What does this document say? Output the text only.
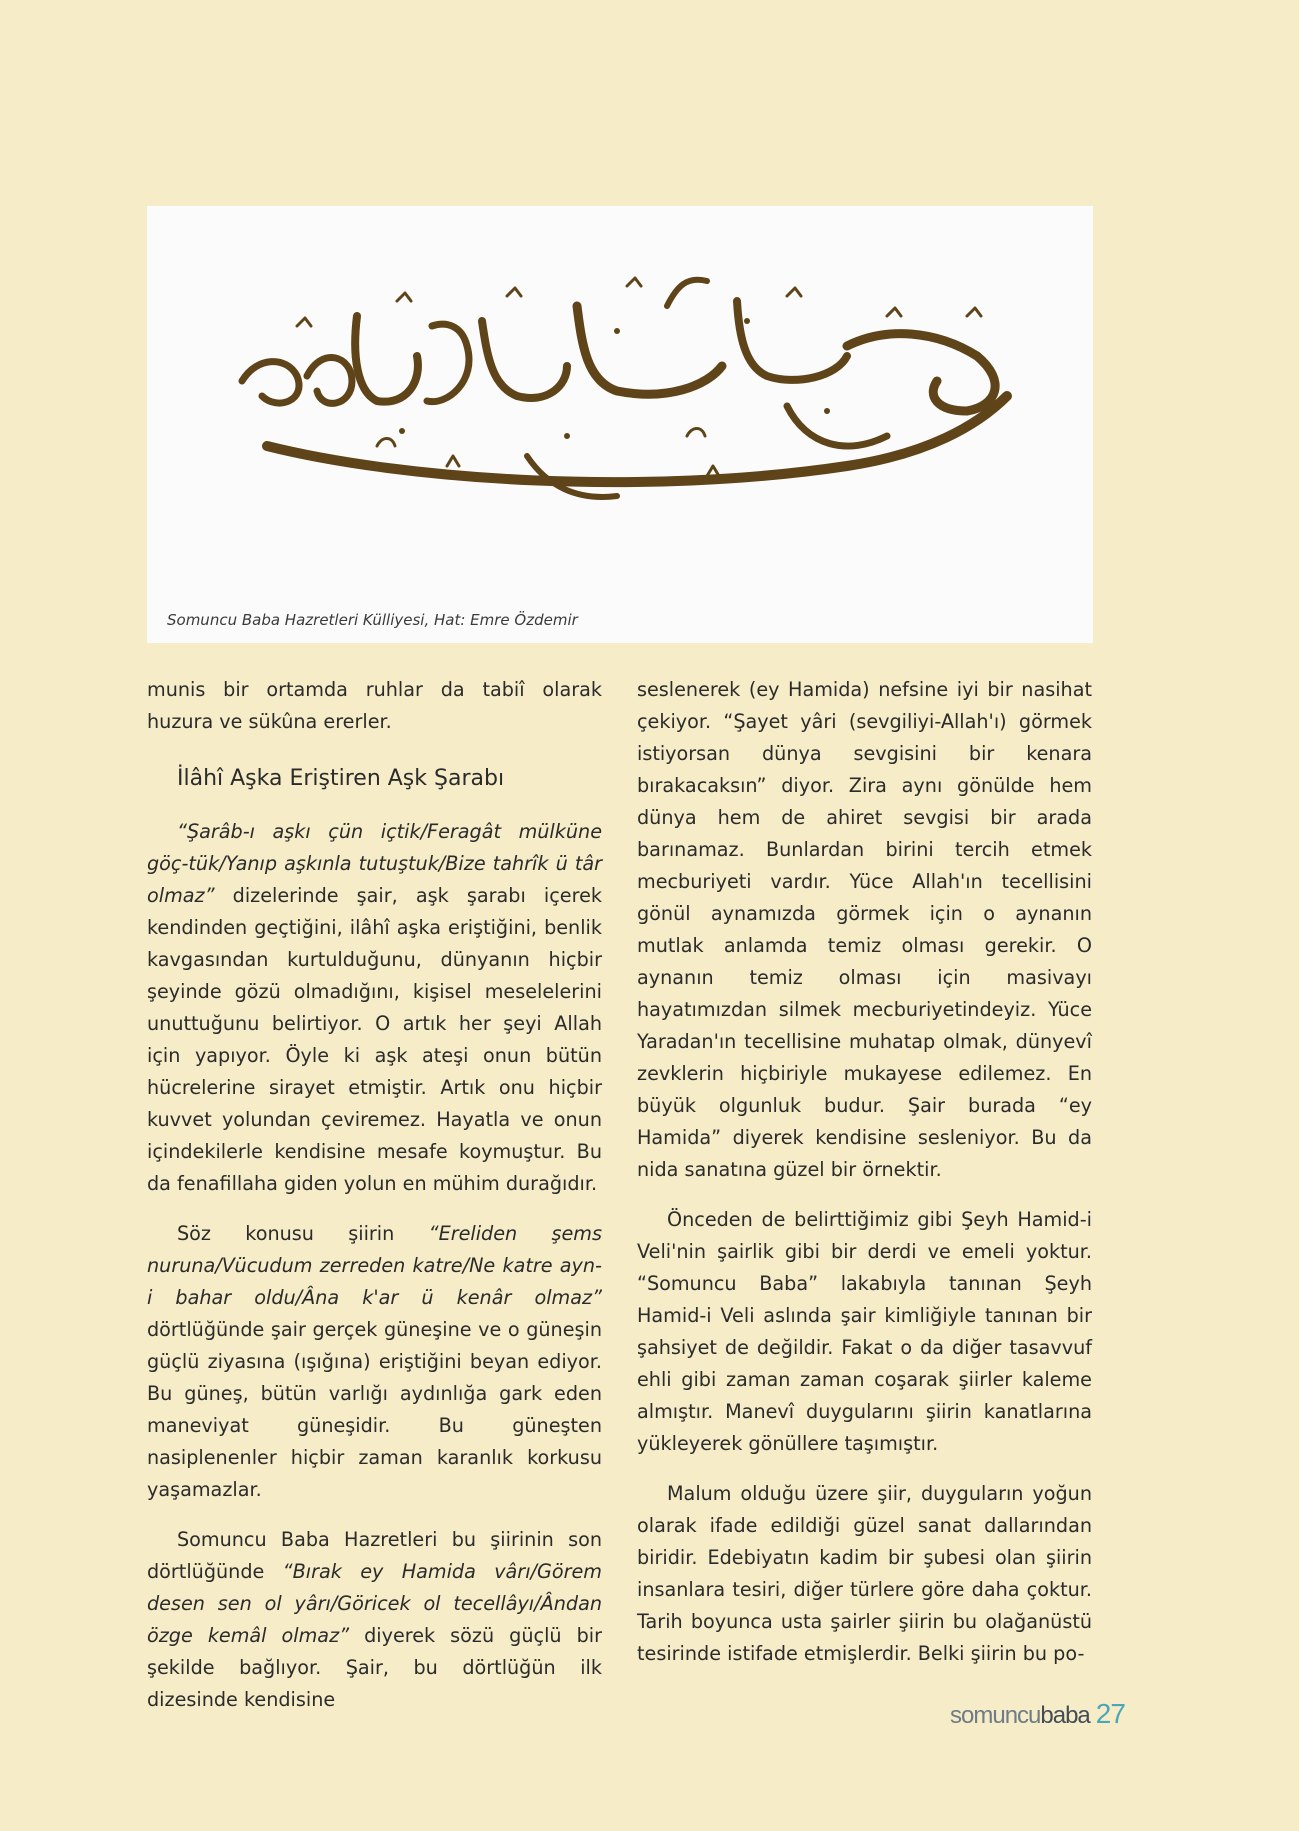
Somuncu Baba Hazretleri Külliyesi, Hat: Emre Özdemir

munis bir ortamda ruhlar da tabiî olarak huzura ve sükûna ererler.

İlâhî Aşka Eriştiren Aşk Şarabı

“Şarâb-ı aşkı çün içtik/Feragât mülküne göç-tük/Yanıp aşkınla tutuştuk/Bize tahrîk ü târ olmaz” dizelerinde şair, aşk şarabı içerek kendinden geçtiğini, ilâhî aşka eriştiğini, benlik kavgasından kurtulduğunu, dünyanın hiçbir şeyinde gözü olmadığını, kişisel meselelerini unuttuğunu belirtiyor. O artık her şeyi Allah için yapıyor. Öyle ki aşk ateşi onun bütün hücrelerine sirayet etmiştir. Artık onu hiçbir kuvvet yolundan çeviremez. Hayatla ve onun içindekilerle kendisine mesafe koymuştur. Bu da fenafillaha giden yolun en mühim durağıdır.

Söz konusu şiirin “Ereliden şems nuruna/Vücudum zerreden katre/Ne katre ayn-i bahar oldu/Âna k'ar ü kenâr olmaz” dörtlüğünde şair gerçek güneşine ve o güneşin güçlü ziyasına (ışığına) eriştiğini beyan ediyor. Bu güneş, bütün varlığı aydınlığa gark eden maneviyat güneşidir. Bu güneşten nasiplenenler hiçbir zaman karanlık korkusu yaşamazlar.

Somuncu Baba Hazretleri bu şiirinin son dörtlüğünde “Bırak ey Hamida vârı/Görem desen sen ol yârı/Göricek ol tecellâyı/Ândan özge kemâl olmaz” diyerek sözü güçlü bir şekilde bağlıyor. Şair, bu dörtlüğün ilk dizesinde kendisine

seslenerek (ey Hamida) nefsine iyi bir nasihat çekiyor. “Şayet yâri (sevgiliyi-Allah'ı) görmek istiyorsan dünya sevgisini bir kenara bırakacaksın” diyor. Zira aynı gönülde hem dünya hem de ahiret sevgisi bir arada barınamaz. Bunlardan birini tercih etmek mecburiyeti vardır. Yüce Allah'ın tecellisini gönül aynamızda görmek için o aynanın mutlak anlamda temiz olması gerekir. O aynanın temiz olması için masivayı hayatımızdan silmek mecburiyetindeyiz. Yüce Yaradan'ın tecellisine muhatap olmak, dünyevî zevklerin hiçbiriyle mukayese edilemez. En büyük olgunluk budur. Şair burada “ey Hamida” diyerek kendisine sesleniyor. Bu da nida sanatına güzel bir örnektir.

Önceden de belirttiğimiz gibi Şeyh Hamid-i Veli'nin şairlik gibi bir derdi ve emeli yoktur. “Somuncu Baba” lakabıyla tanınan Şeyh Hamid-i Veli aslında şair kimliğiyle tanınan bir şahsiyet de değildir. Fakat o da diğer tasavvuf ehli gibi zaman zaman coşarak şiirler kaleme almıştır. Manevî duygularını şiirin kanatlarına yükleyerek gönüllere taşımıştır.

Malum olduğu üzere şiir, duyguların yoğun olarak ifade edildiği güzel sanat dallarından biridir. Edebiyatın kadim bir şubesi olan şiirin insanlara tesiri, diğer türlere göre daha çoktur. Tarih boyunca usta şairler şiirin bu olağanüstü tesirinde istifade etmişlerdir. Belki şiirin bu po-

somuncubaba 27
